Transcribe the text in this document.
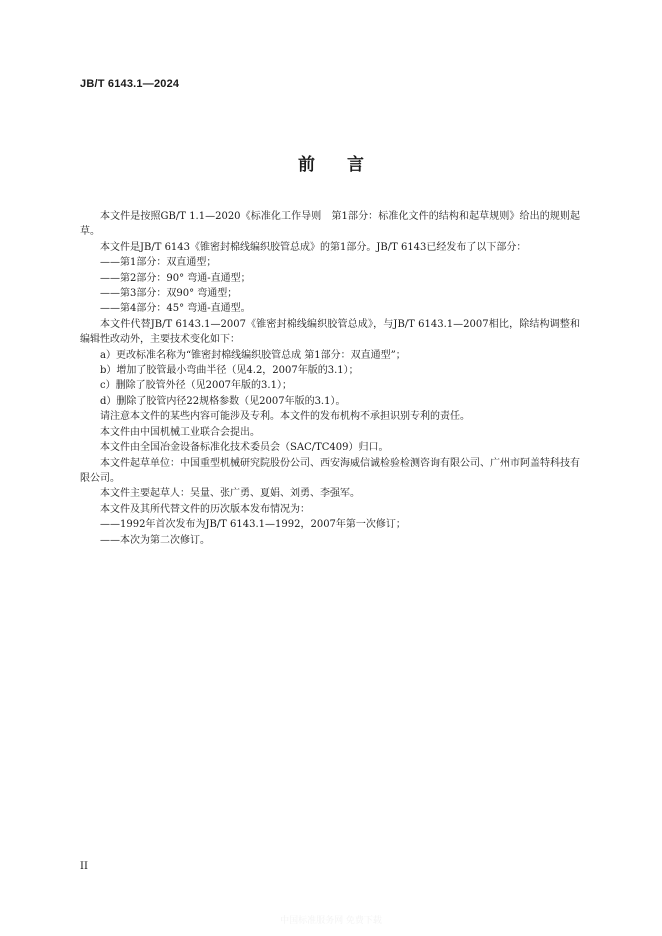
JB/T 6143.1—2024
前 言

本文件是按照GB/T 1.1—2020《标准化工作导则　第1部分：标准化文件的结构和起草规则》给出的规则起草。

本文件是JB/T 6143《锥密封棉线编织胶管总成》的第1部分。JB/T 6143已经发布了以下部分：

——第1部分：双直通型；

——第2部分：90° 弯通-直通型；

——第3部分：双90° 弯通型；

——第4部分：45° 弯通-直通型。

本文件代替JB/T 6143.1—2007《锥密封棉线编织胶管总成》，与JB/T 6143.1—2007相比，除结构调整和编辑性改动外，主要技术变化如下：

a）更改标准名称为“锥密封棉线编织胶管总成 第1部分：双直通型”；

b）增加了胶管最小弯曲半径（见4.2，2007年版的3.1）；

c）删除了胶管外径（见2007年版的3.1）；

d）删除了胶管内径22规格参数（见2007年版的3.1）。

请注意本文件的某些内容可能涉及专利。本文件的发布机构不承担识别专利的责任。

本文件由中国机械工业联合会提出。

本文件由全国冶金设备标准化技术委员会（SAC/TC409）归口。

本文件起草单位：中国重型机械研究院股份公司、西安海威信诚检验检测咨询有限公司、广州市阿盖特科技有限公司。

本文件主要起草人：吴量、张广勇、夏娟、刘勇、李强军。

本文件及其所代替文件的历次版本发布情况为：

——1992年首次发布为JB/T 6143.1—1992，2007年第一次修订；

——本次为第二次修订。

II
中国标准服务网 免费下载
